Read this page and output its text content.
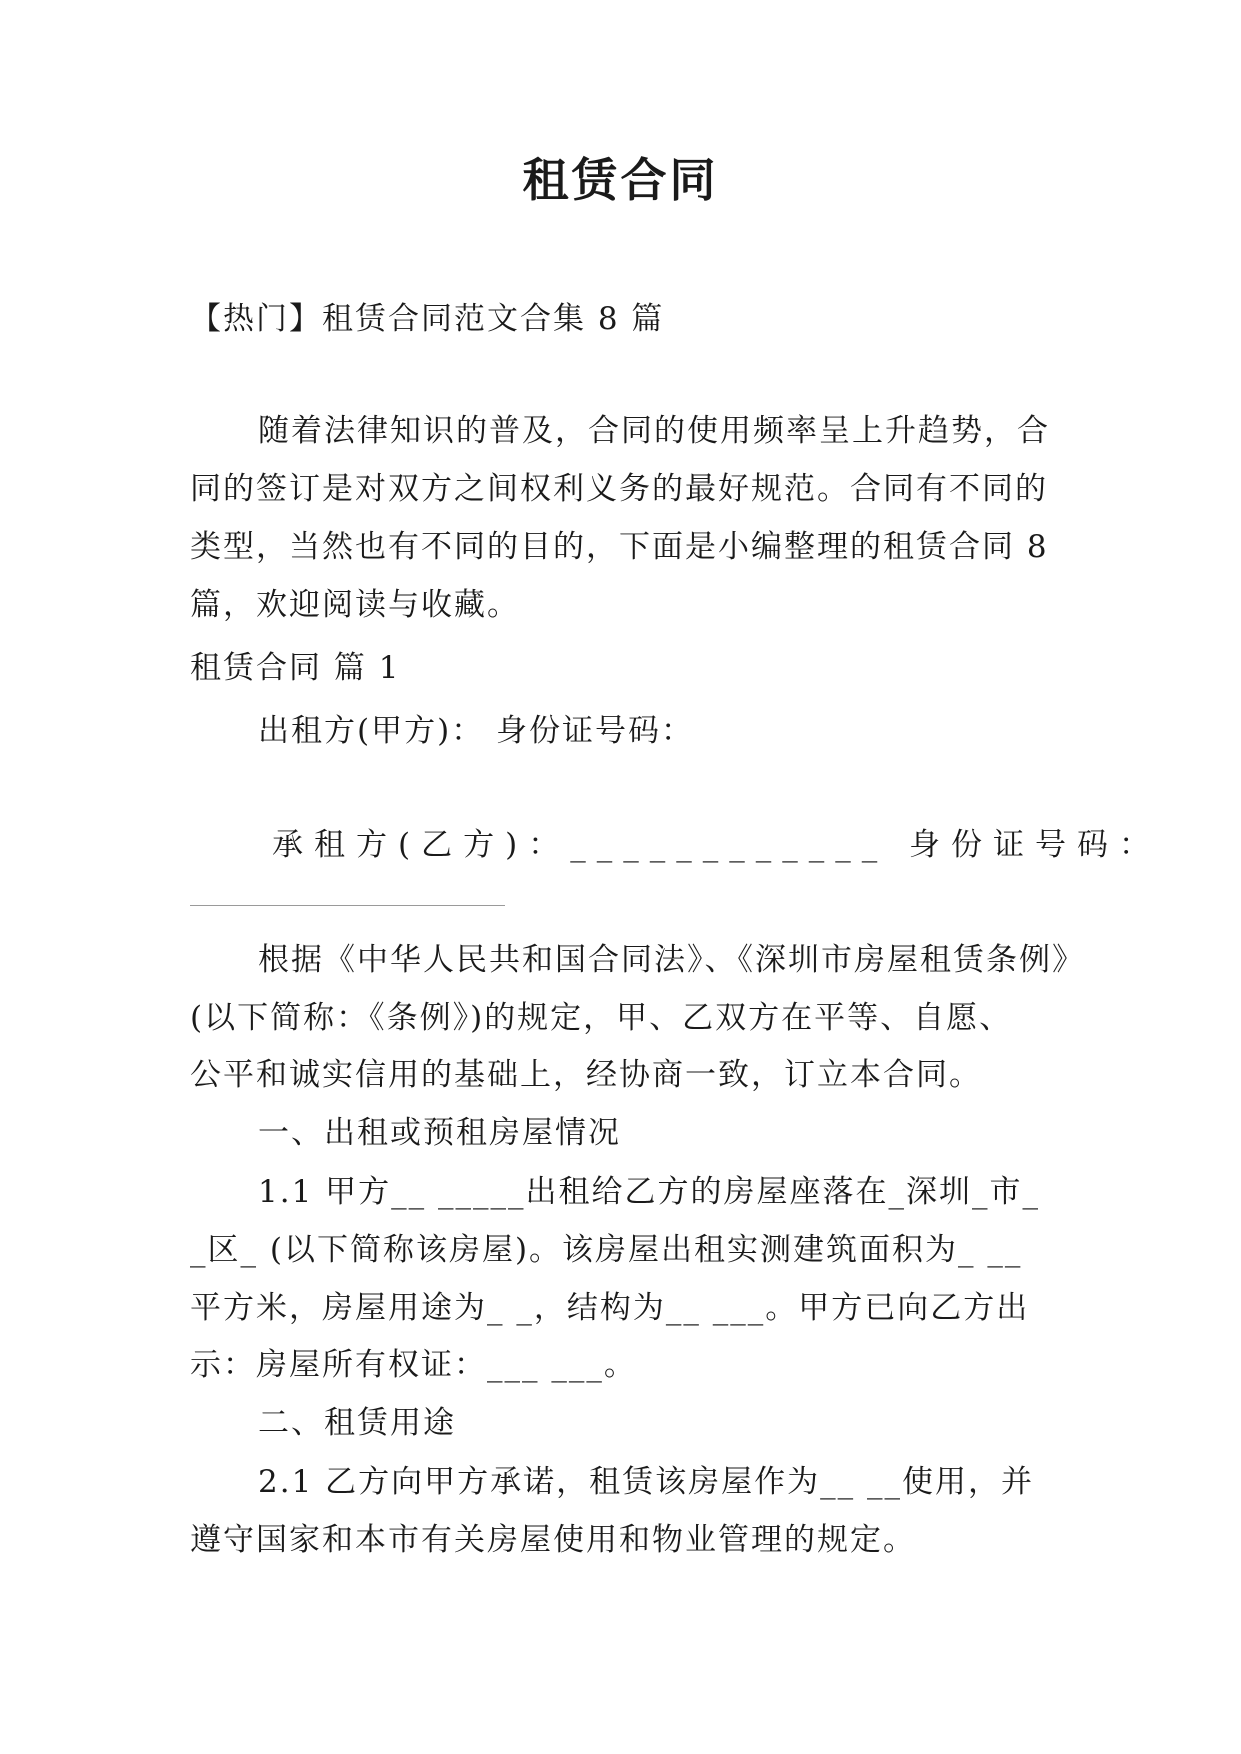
租赁合同
【热门】租赁合同范文合集 8 篇
随着法律知识的普及，合同的使用频率呈上升趋势，合
同的签订是对双方之间权利义务的最好规范。合同有不同的
类型，当然也有不同的目的，下面是小编整理的租赁合同 8
篇，欢迎阅读与收藏。
租赁合同 篇 1
出租方(甲方)： 身份证号码：
承租方(乙方)：____________ 身份证号码：
根据《中华人民共和国合同法》、《深圳市房屋租赁条例》
(以下简称：《条例》)的规定，甲、乙双方在平等、自愿、
公平和诚实信用的基础上，经协商一致，订立本合同。
一、出租或预租房屋情况
1.1 甲方__ _____出租给乙方的房屋座落在_深圳_市_
_区_ (以下简称该房屋)。该房屋出租实测建筑面积为_ __
平方米，房屋用途为_ _，结构为__ ___。甲方已向乙方出
示：房屋所有权证：___ ___。
二、租赁用途
2.1 乙方向甲方承诺，租赁该房屋作为__ __使用，并
遵守国家和本市有关房屋使用和物业管理的规定。
